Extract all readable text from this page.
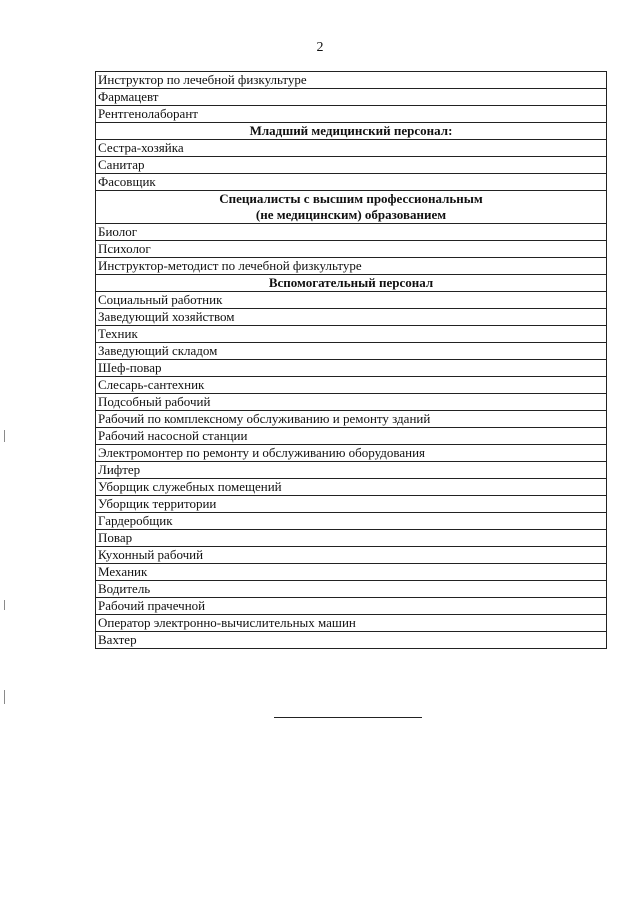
2
Инструктор по лечебной физкультуре
Фармацевт
Рентгенолаборант

Младший медицинский персонал:

Сестра-хозяйка
Санитар
Фасовщик

Специалисты с высшим профессиональным
(не медицинским) образованием

Биолог
Психолог
Инструктор-методист по лечебной физкультуре

Вспомогательный персонал

Социальный работник
Заведующий хозяйством
Техник
Заведующий складом
Шеф-повар
Слесарь-сантехник
Подсобный рабочий
Рабочий по комплексному обслуживанию и ремонту зданий
Рабочий насосной станции
Электромонтер по ремонту и обслуживанию оборудования
Лифтер
Уборщик служебных помещений
Уборщик территории
Гардеробщик
Повар
Кухонный рабочий
Механик
Водитель
Рабочий прачечной
Оператор электронно-вычислительных машин
Вахтер
